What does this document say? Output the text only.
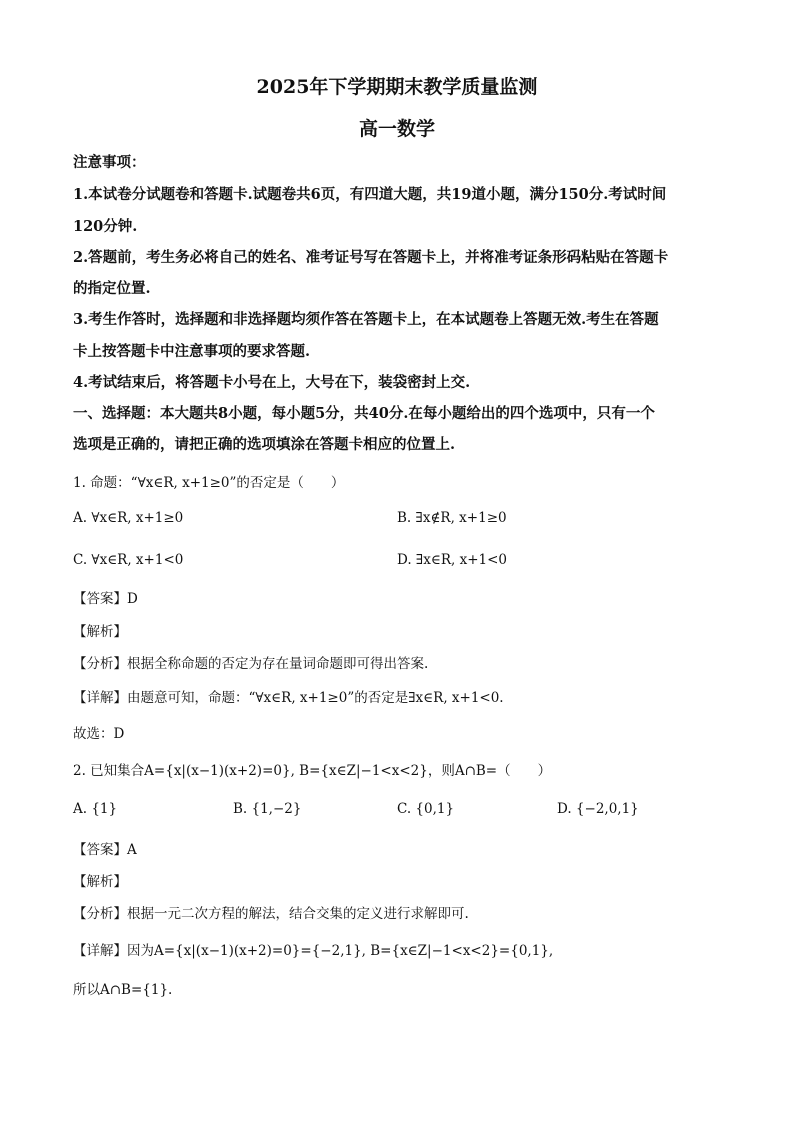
2025年下学期期末教学质量监测
高一数学
注意事项：
1.本试卷分试题卷和答题卡.试题卷共6页，有四道大题，共19道小题，满分150分.考试时间
120分钟.
2.答题前，考生务必将自己的姓名、准考证号写在答题卡上，并将准考证条形码粘贴在答题卡
的指定位置.
3.考生作答时，选择题和非选择题均须作答在答题卡上，在本试题卷上答题无效.考生在答题
卡上按答题卡中注意事项的要求答题.
4.考试结束后，将答题卡小号在上，大号在下，装袋密封上交.
一、选择题：本大题共8小题，每小题5分，共40分.在每小题给出的四个选项中，只有一个
选项是正确的，请把正确的选项填涂在答题卡相应的位置上.
1. 命题：“∀x∈R, x+1≥0”的否定是（　　）
A. ∀x∈R, x+1≥0	B. ∃x∉R, x+1≥0
C. ∀x∈R, x+1<0	D. ∃x∈R, x+1<0
【答案】D
【解析】
【分析】根据全称命题的否定为存在量词命题即可得出答案.
【详解】由题意可知，命题：“∀x∈R, x+1≥0”的否定是∃x∈R, x+1<0.
故选：D
2. 已知集合A={x|(x−1)(x+2)=0}, B={x∈Z|−1<x<2}，则A∩B=（　　）
A. {1}	B. {1,−2}	C. {0,1}	D. {−2,0,1}
【答案】A
【解析】
【分析】根据一元二次方程的解法，结合交集的定义进行求解即可.
【详解】因为A={x|(x−1)(x+2)=0}={−2,1}, B={x∈Z|−1<x<2}={0,1},
所以A∩B={1}.
